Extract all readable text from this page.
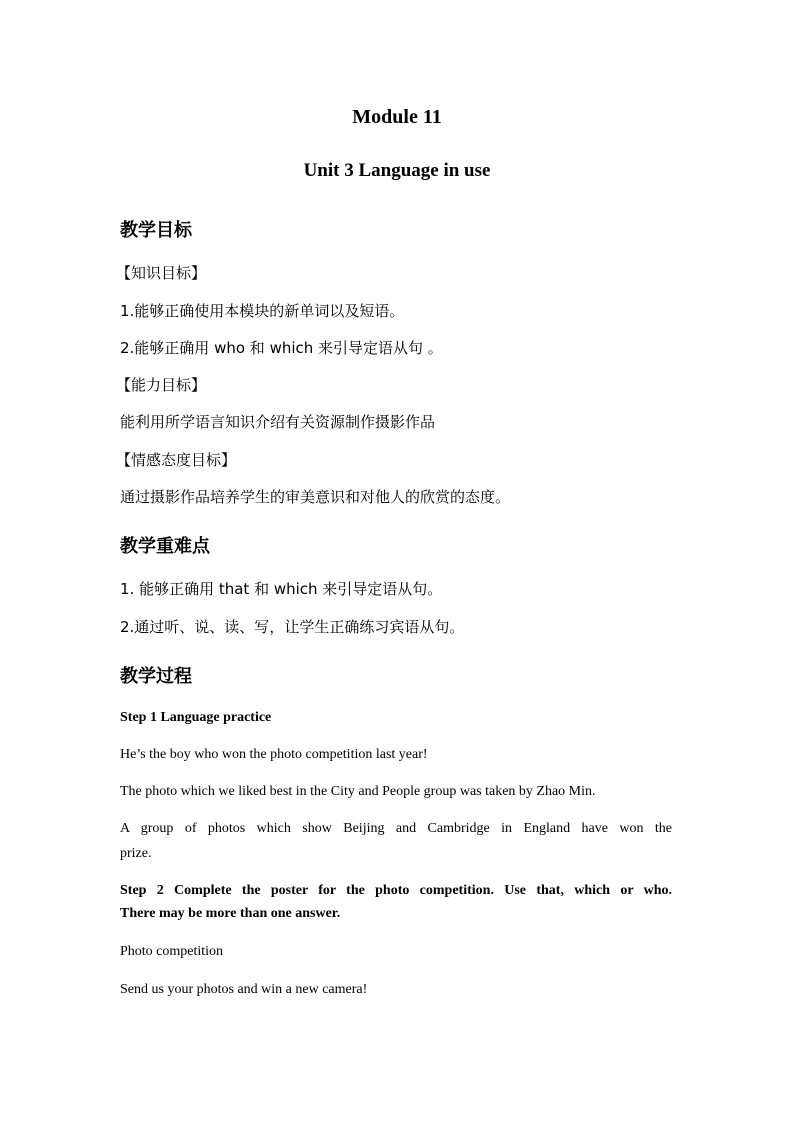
Module 11
Unit 3 Language in use
教学目标
【知识目标】
1.能够正确使用本模块的新单词以及短语。
2.能够正确用 who 和 which 来引导定语从句 。
【能力目标】
能利用所学语言知识介绍有关资源制作摄影作品
【情感态度目标】
通过摄影作品培养学生的审美意识和对他人的欣赏的态度。
教学重难点
1. 能够正确用 that 和 which 来引导定语从句。
2.通过听、说、读、写，让学生正确练习宾语从句。
教学过程
Step 1 Language practice
He’s the boy who won the photo competition last year!
The photo which we liked best in the City and People group was taken by Zhao Min.
A group of photos which show Beijing and Cambridge in England have won the
prize.
Step 2 Complete the poster for the photo competition. Use that, which or who.
There may be more than one answer.
Photo competition
Send us your photos and win a new camera!
